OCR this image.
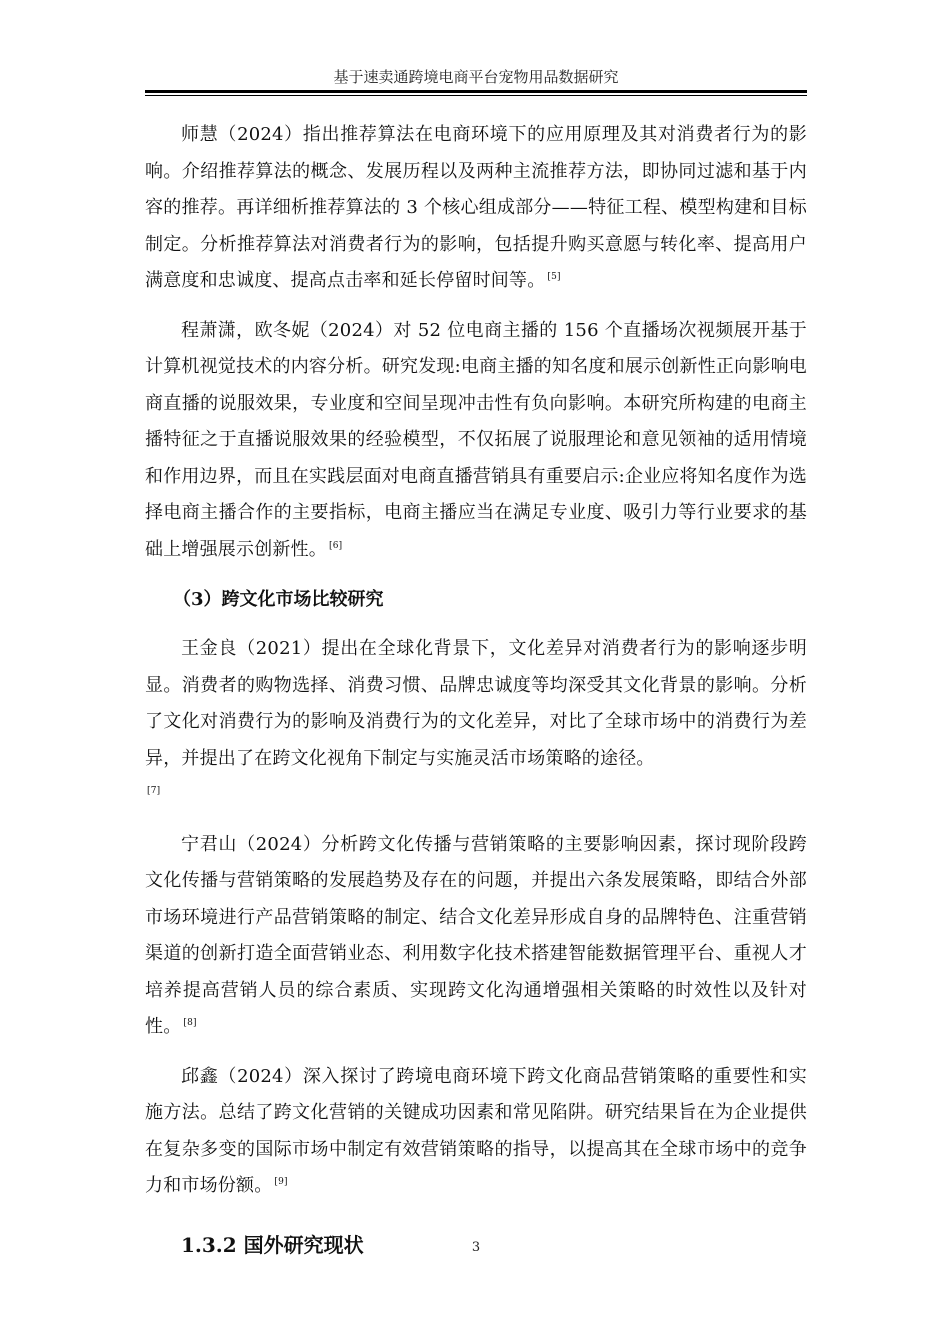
基于速卖通跨境电商平台宠物用品数据研究

师慧（2024）指出推荐算法在电商环境下的应用原理及其对消费者行为的影响。介绍推荐算法的概念、发展历程以及两种主流推荐方法，即协同过滤和基于内容的推荐。再详细析推荐算法的 3 个核心组成部分——特征工程、模型构建和目标制定。分析推荐算法对消费者行为的影响，包括提升购买意愿与转化率、提高用户满意度和忠诚度、提高点击率和延长停留时间等。 [5]

程萧潇，欧冬妮（2024）对 52 位电商主播的 156 个直播场次视频展开基于计算机视觉技术的内容分析。研究发现:电商主播的知名度和展示创新性正向影响电商直播的说服效果，专业度和空间呈现冲击性有负向影响。本研究所构建的电商主播特征之于直播说服效果的经验模型，不仅拓展了说服理论和意见领袖的适用情境和作用边界，而且在实践层面对电商直播营销具有重要启示:企业应将知名度作为选择电商主播合作的主要指标，电商主播应当在满足专业度、吸引力等行业要求的基础上增强展示创新性。 [6]

（3）跨文化市场比较研究

王金良（2021）提出在全球化背景下，文化差异对消费者行为的影响逐步明显。消费者的购物选择、消费习惯、品牌忠诚度等均深受其文化背景的影响。分析了文化对消费行为的影响及消费行为的文化差异，对比了全球市场中的消费行为差异，并提出了在跨文化视角下制定与实施灵活市场策略的途径。
[7]

宁君山（2024）分析跨文化传播与营销策略的主要影响因素，探讨现阶段跨文化传播与营销策略的发展趋势及存在的问题，并提出六条发展策略，即结合外部市场环境进行产品营销策略的制定、结合文化差异形成自身的品牌特色、注重营销渠道的创新打造全面营销业态、利用数字化技术搭建智能数据管理平台、重视人才培养提高营销人员的综合素质、实现跨文化沟通增强相关策略的时效性以及针对性。 [8]

邱鑫（2024）深入探讨了跨境电商环境下跨文化商品营销策略的重要性和实施方法。总结了跨文化营销的关键成功因素和常见陷阱。研究结果旨在为企业提供在复杂多变的国际市场中制定有效营销策略的指导，以提高其在全球市场中的竞争力和市场份额。 [9]

1.3.2 国外研究现状	3
